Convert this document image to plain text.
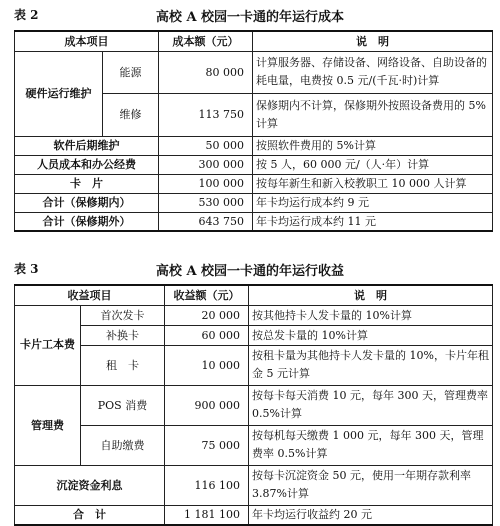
表 2	高校 A 校园一卡通的年运行成本
成本项目		成本额（元）	说　明
硬件运行维护	能源	80 000	计算服务器、存储设备、网络设备、自助设备的耗电量，电费按 0.5 元/(千瓦·时)计算
	维修	113 750	保修期内不计算，保修期外按照设备费用的 5%计算
软件后期维护		50 000	按照软件费用的 5%计算
人员成本和办公经费		300 000	按 5 人，60 000 元/（人·年）计算
卡　片		100 000	按每年新生和新入校教职工 10 000 人计算
合计（保修期内）		530 000	年卡均运行成本约 9 元
合计（保修期外）		643 750	年卡均运行成本约 11 元
表 3	高校 A 校园一卡通的年运行收益
收益项目		收益额（元）	说　明
卡片工本费	首次发卡	20 000	按其他持卡人发卡量的 10%计算
	补换卡	60 000	按总发卡量的 10%计算
	租　卡	10 000	按租卡量为其他持卡人发卡量的 10%，卡片年租金 5 元计算
管理费	POS 消费	900 000	按每卡每天消费 10 元，每年 300 天，管理费率 0.5%计算
	自助缴费	75 000	按每机每天缴费 1 000 元，每年 300 天，管理费率 0.5%计算
沉淀资金利息		116 100	按每卡沉淀资金 50 元，使用一年期存款利率 3.87%计算
合　计		1 181 100	年卡均运行收益约 20 元
